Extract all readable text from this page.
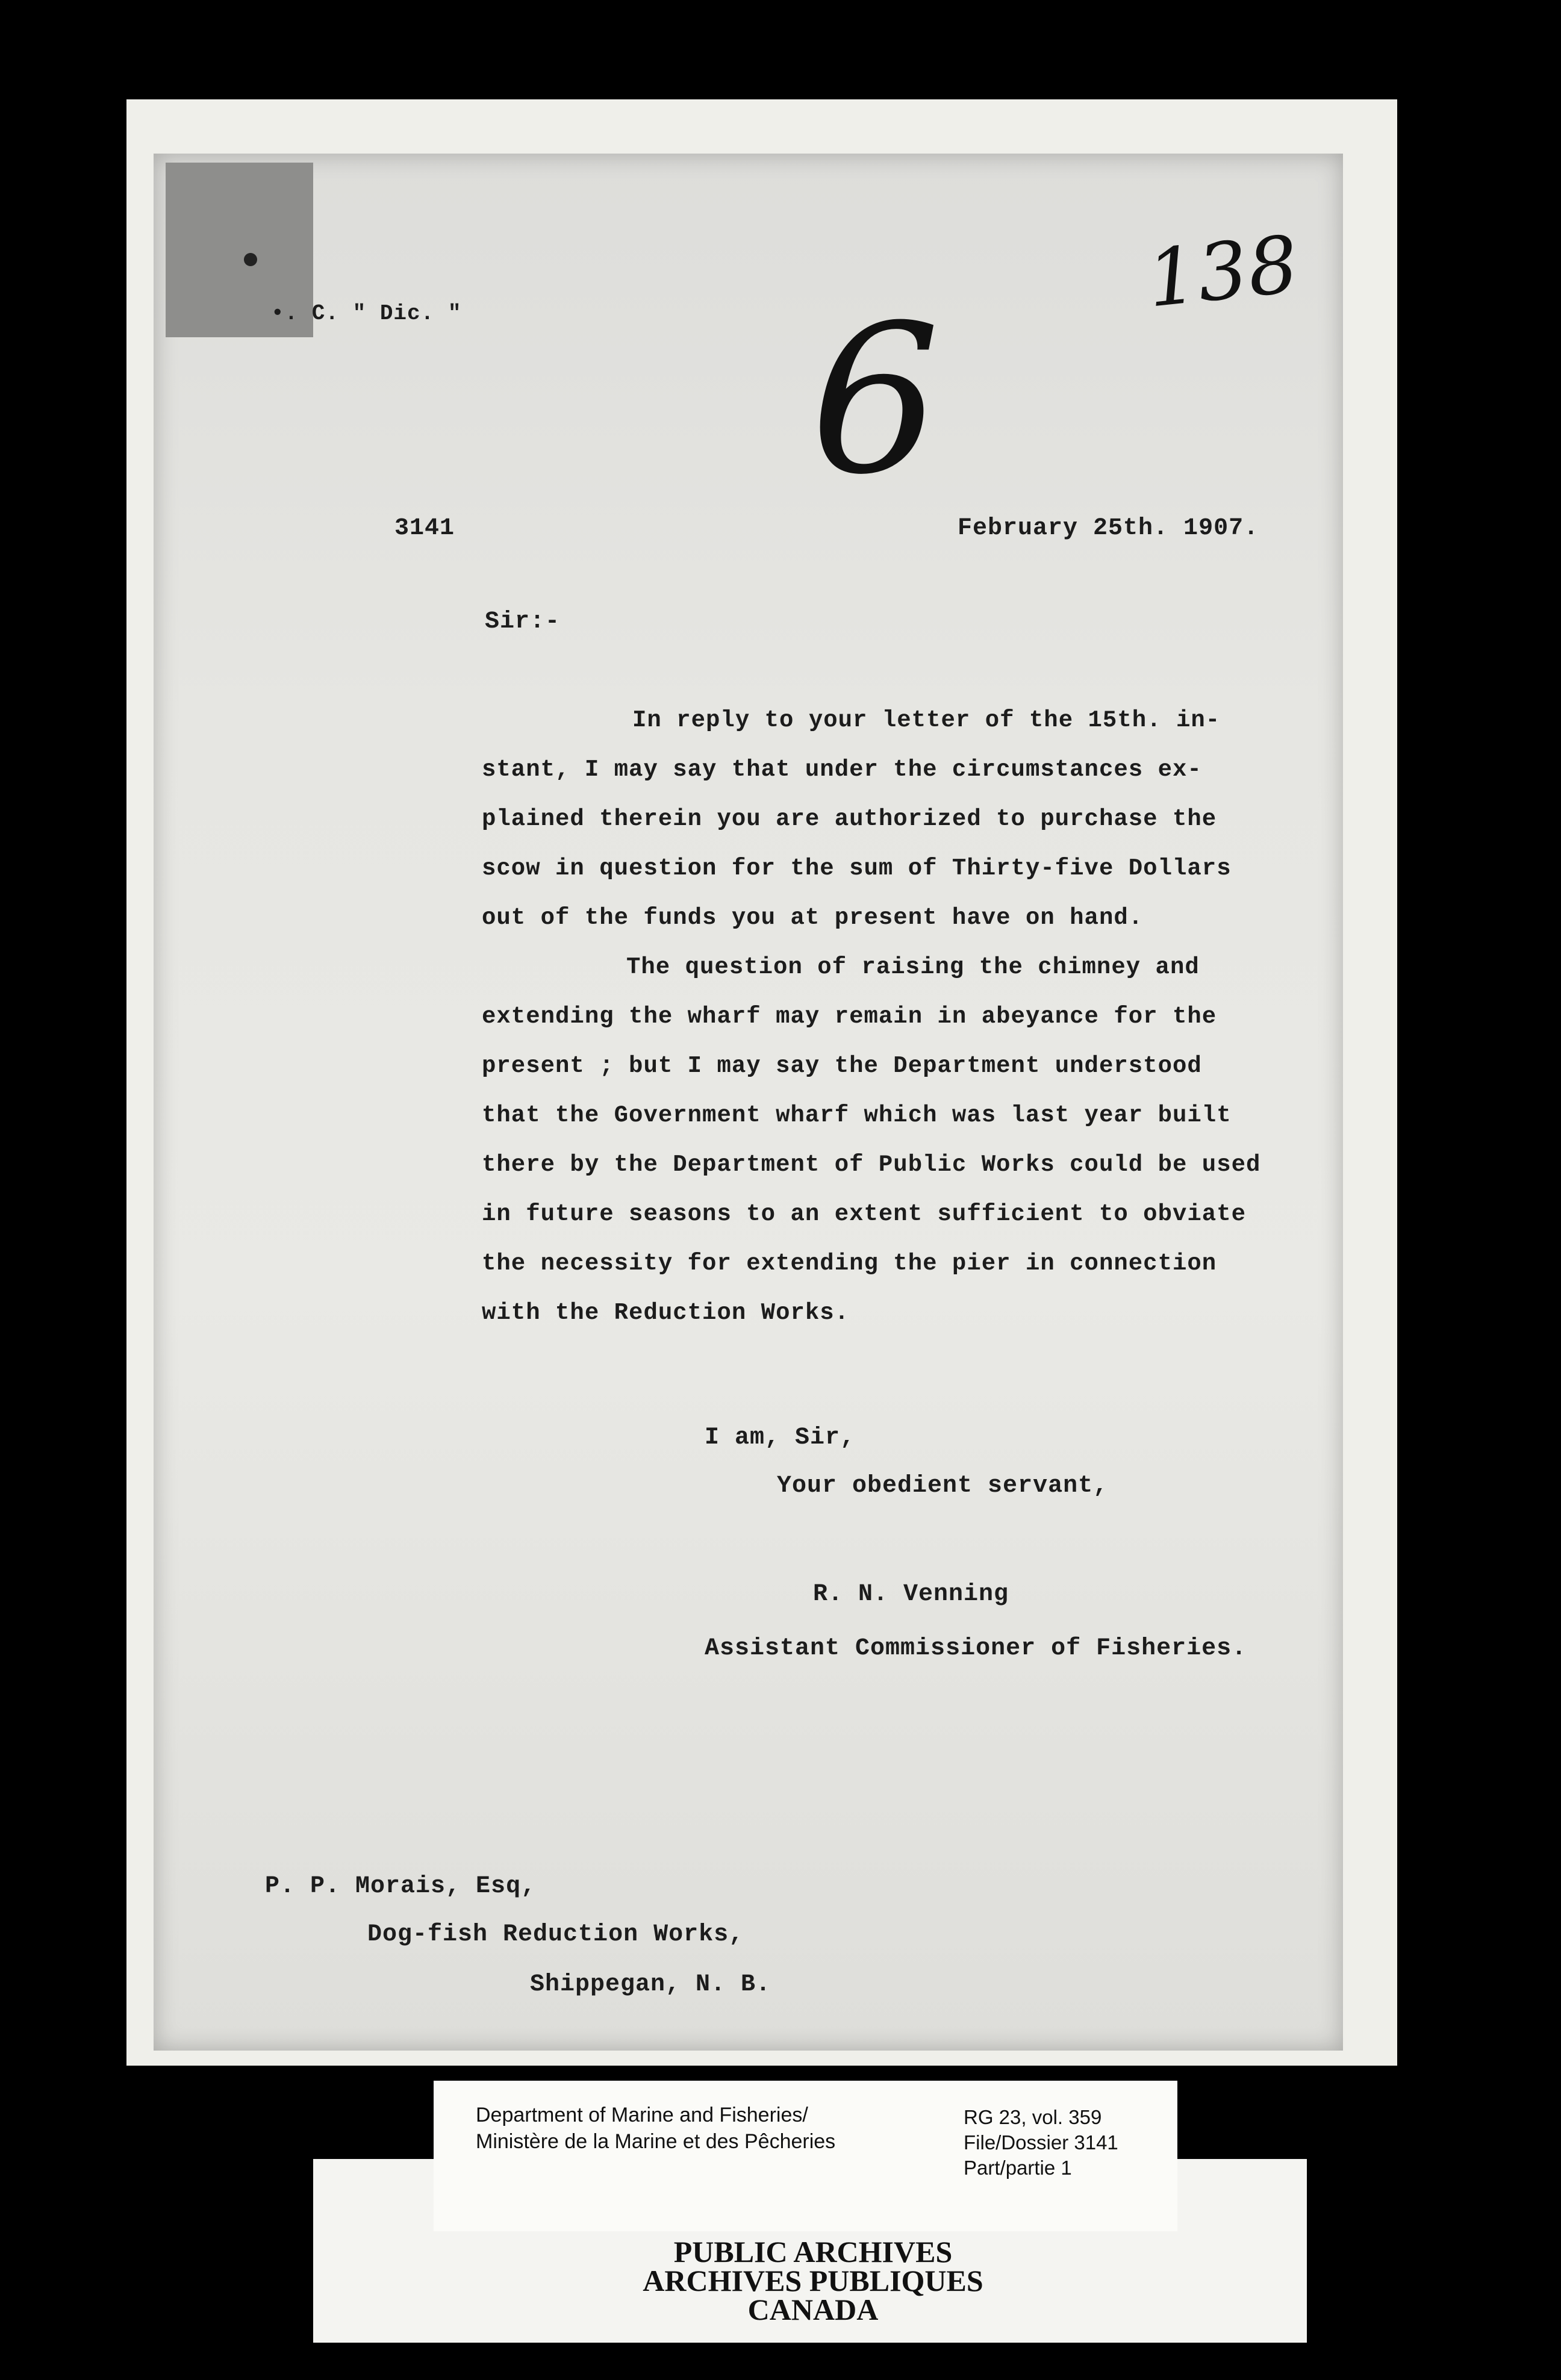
•. C. " Dic. "	138
6
3141	February 25th. 1907.
Sir:-

In reply to your letter of the 15th. in-
stant, I may say that under the circumstances ex-
plained therein you are authorized to purchase the
scow in question for the sum of Thirty-five Dollars
out of the funds you at present have on hand.

The question of raising the chimney and
extending the wharf may remain in abeyance for the
present ; but I may say the Department understood
that the Government wharf which was last year built
there by the Department of Public Works could be used
in future seasons to an extent sufficient to obviate
the necessity for extending the pier in connection
with the Reduction Works.

I am, Sir,
Your obedient servant,
R. N. Venning
Assistant Commissioner of Fisheries.
P. P. Morais, Esq,
Dog-fish Reduction Works,
Shippegan, N. B.
Department of Marine and Fisheries/
Ministère de la Marine et des Pêcheries
RG 23, vol. 359
File/Dossier 3141
Part/partie 1
PUBLIC ARCHIVES
ARCHIVES PUBLIQUES
CANADA
